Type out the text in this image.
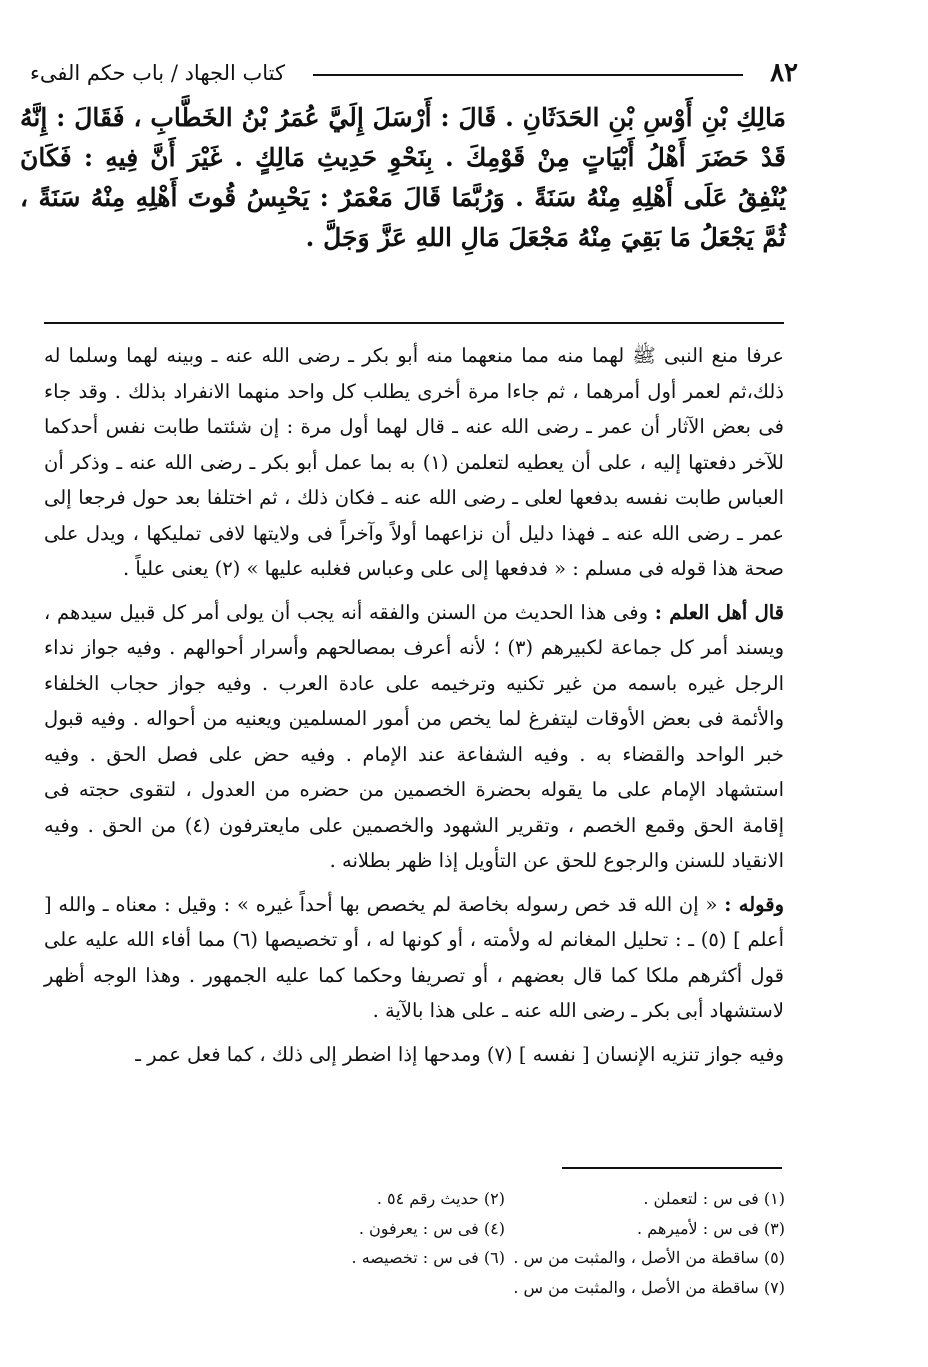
٨٢
كتاب الجهاد / باب حكم الفىء
مَالِكِ بْنِ أَوْسِ بْنِ الحَدَثَانِ . قَالَ : أَرْسَلَ إِلَيَّ عُمَرُ بْنُ الخَطَّابِ ، فَقَالَ : إِنَّهُ قَدْ حَضَرَ أَهْلُ أَبْيَاتٍ مِنْ قَوْمِكَ . بِنَحْوِ حَدِيثِ مَالِكٍ . غَيْرَ أَنَّ فِيهِ : فَكَانَ يُنْفِقُ عَلَى أَهْلِهِ مِنْهُ سَنَةً . وَرُبَّمَا قَالَ مَعْمَرٌ : يَحْبِسُ قُوتَ أَهْلِهِ مِنْهُ سَنَةً ، ثُمَّ يَجْعَلُ مَا بَقِيَ مِنْهُ مَجْعَلَ مَالِ اللهِ عَزَّ وَجَلَّ .

عرفا منع النبى ﷺ لهما منه مما منعهما منه أبو بكر ـ رضى الله عنه ـ وبينه لهما وسلما له ذلك،ثم لعمر أول أمرهما ، ثم جاءا مرة أخرى يطلب كل واحد منهما الانفراد بذلك . وقد جاء فى بعض الآثار أن عمر ـ رضى الله عنه ـ قال لهما أول مرة : إن شئتما طابت نفس أحدكما للآخر دفعتها إليه ، على أن يعطيه لتعلمن (١) به بما عمل أبو بكر ـ رضى الله عنه ـ وذكر أن العباس طابت نفسه بدفعها لعلى ـ رضى الله عنه ـ فكان ذلك ، ثم اختلفا بعد حول فرجعا إلى عمر ـ رضى الله عنه ـ فهذا دليل أن نزاعهما أولاً وآخراً فى ولايتها لافى تمليكها ، ويدل على صحة هذا قوله فى مسلم : « فدفعها إلى على وعباس فغلبه عليها » (٢) يعنى علياً .

قال أهل العلم : وفى هذا الحديث من السنن والفقه أنه يجب أن يولى أمر كل قبيل سيدهم ، ويسند أمر كل جماعة لكبيرهم (٣) ؛ لأنه أعرف بمصالحهم وأسرار أحوالهم . وفيه جواز نداء الرجل غيره باسمه من غير تكنيه وترخيمه على عادة العرب . وفيه جواز حجاب الخلفاء والأئمة فى بعض الأوقات ليتفرغ لما يخص من أمور المسلمين ويعنيه من أحواله . وفيه قبول خبر الواحد والقضاء به . وفيه الشفاعة عند الإمام . وفيه حض على فصل الحق . وفيه استشهاد الإمام على ما يقوله بحضرة الخصمين من حضره من العدول ، لتقوى حجته فى إقامة الحق وقمع الخصم ، وتقرير الشهود والخصمين على مايعترفون (٤) من الحق . وفيه الانقياد للسنن والرجوع للحق عن التأويل إذا ظهر بطلانه .

وقوله : « إن الله قد خص رسوله بخاصة لم يخصص بها أحداً غيره » : وقيل : معناه ـ والله [ أعلم ] (٥) ـ : تحليل المغانم له ولأمته ، أو كونها له ، أو تخصيصها (٦) مما أفاء الله عليه على قول أكثرهم ملكا كما قال بعضهم ، أو تصريفا وحكما كما عليه الجمهور . وهذا الوجه أظهر لاستشهاد أبى بكر ـ رضى الله عنه ـ على هذا بالآية .

وفيه جواز تنزيه الإنسان [ نفسه ] (٧) ومدحها إذا اضطر إلى ذلك ، كما فعل عمر ـ

(١) فى س : لتعملن .
(٢) حديث رقم ٥٤ .
(٣) فى س : لأميرهم .
(٤) فى س : يعرفون .
(٥) ساقطة من الأصل ، والمثبت من س .
(٦) فى س : تخصيصه .
(٧) ساقطة من الأصل ، والمثبت من س .
